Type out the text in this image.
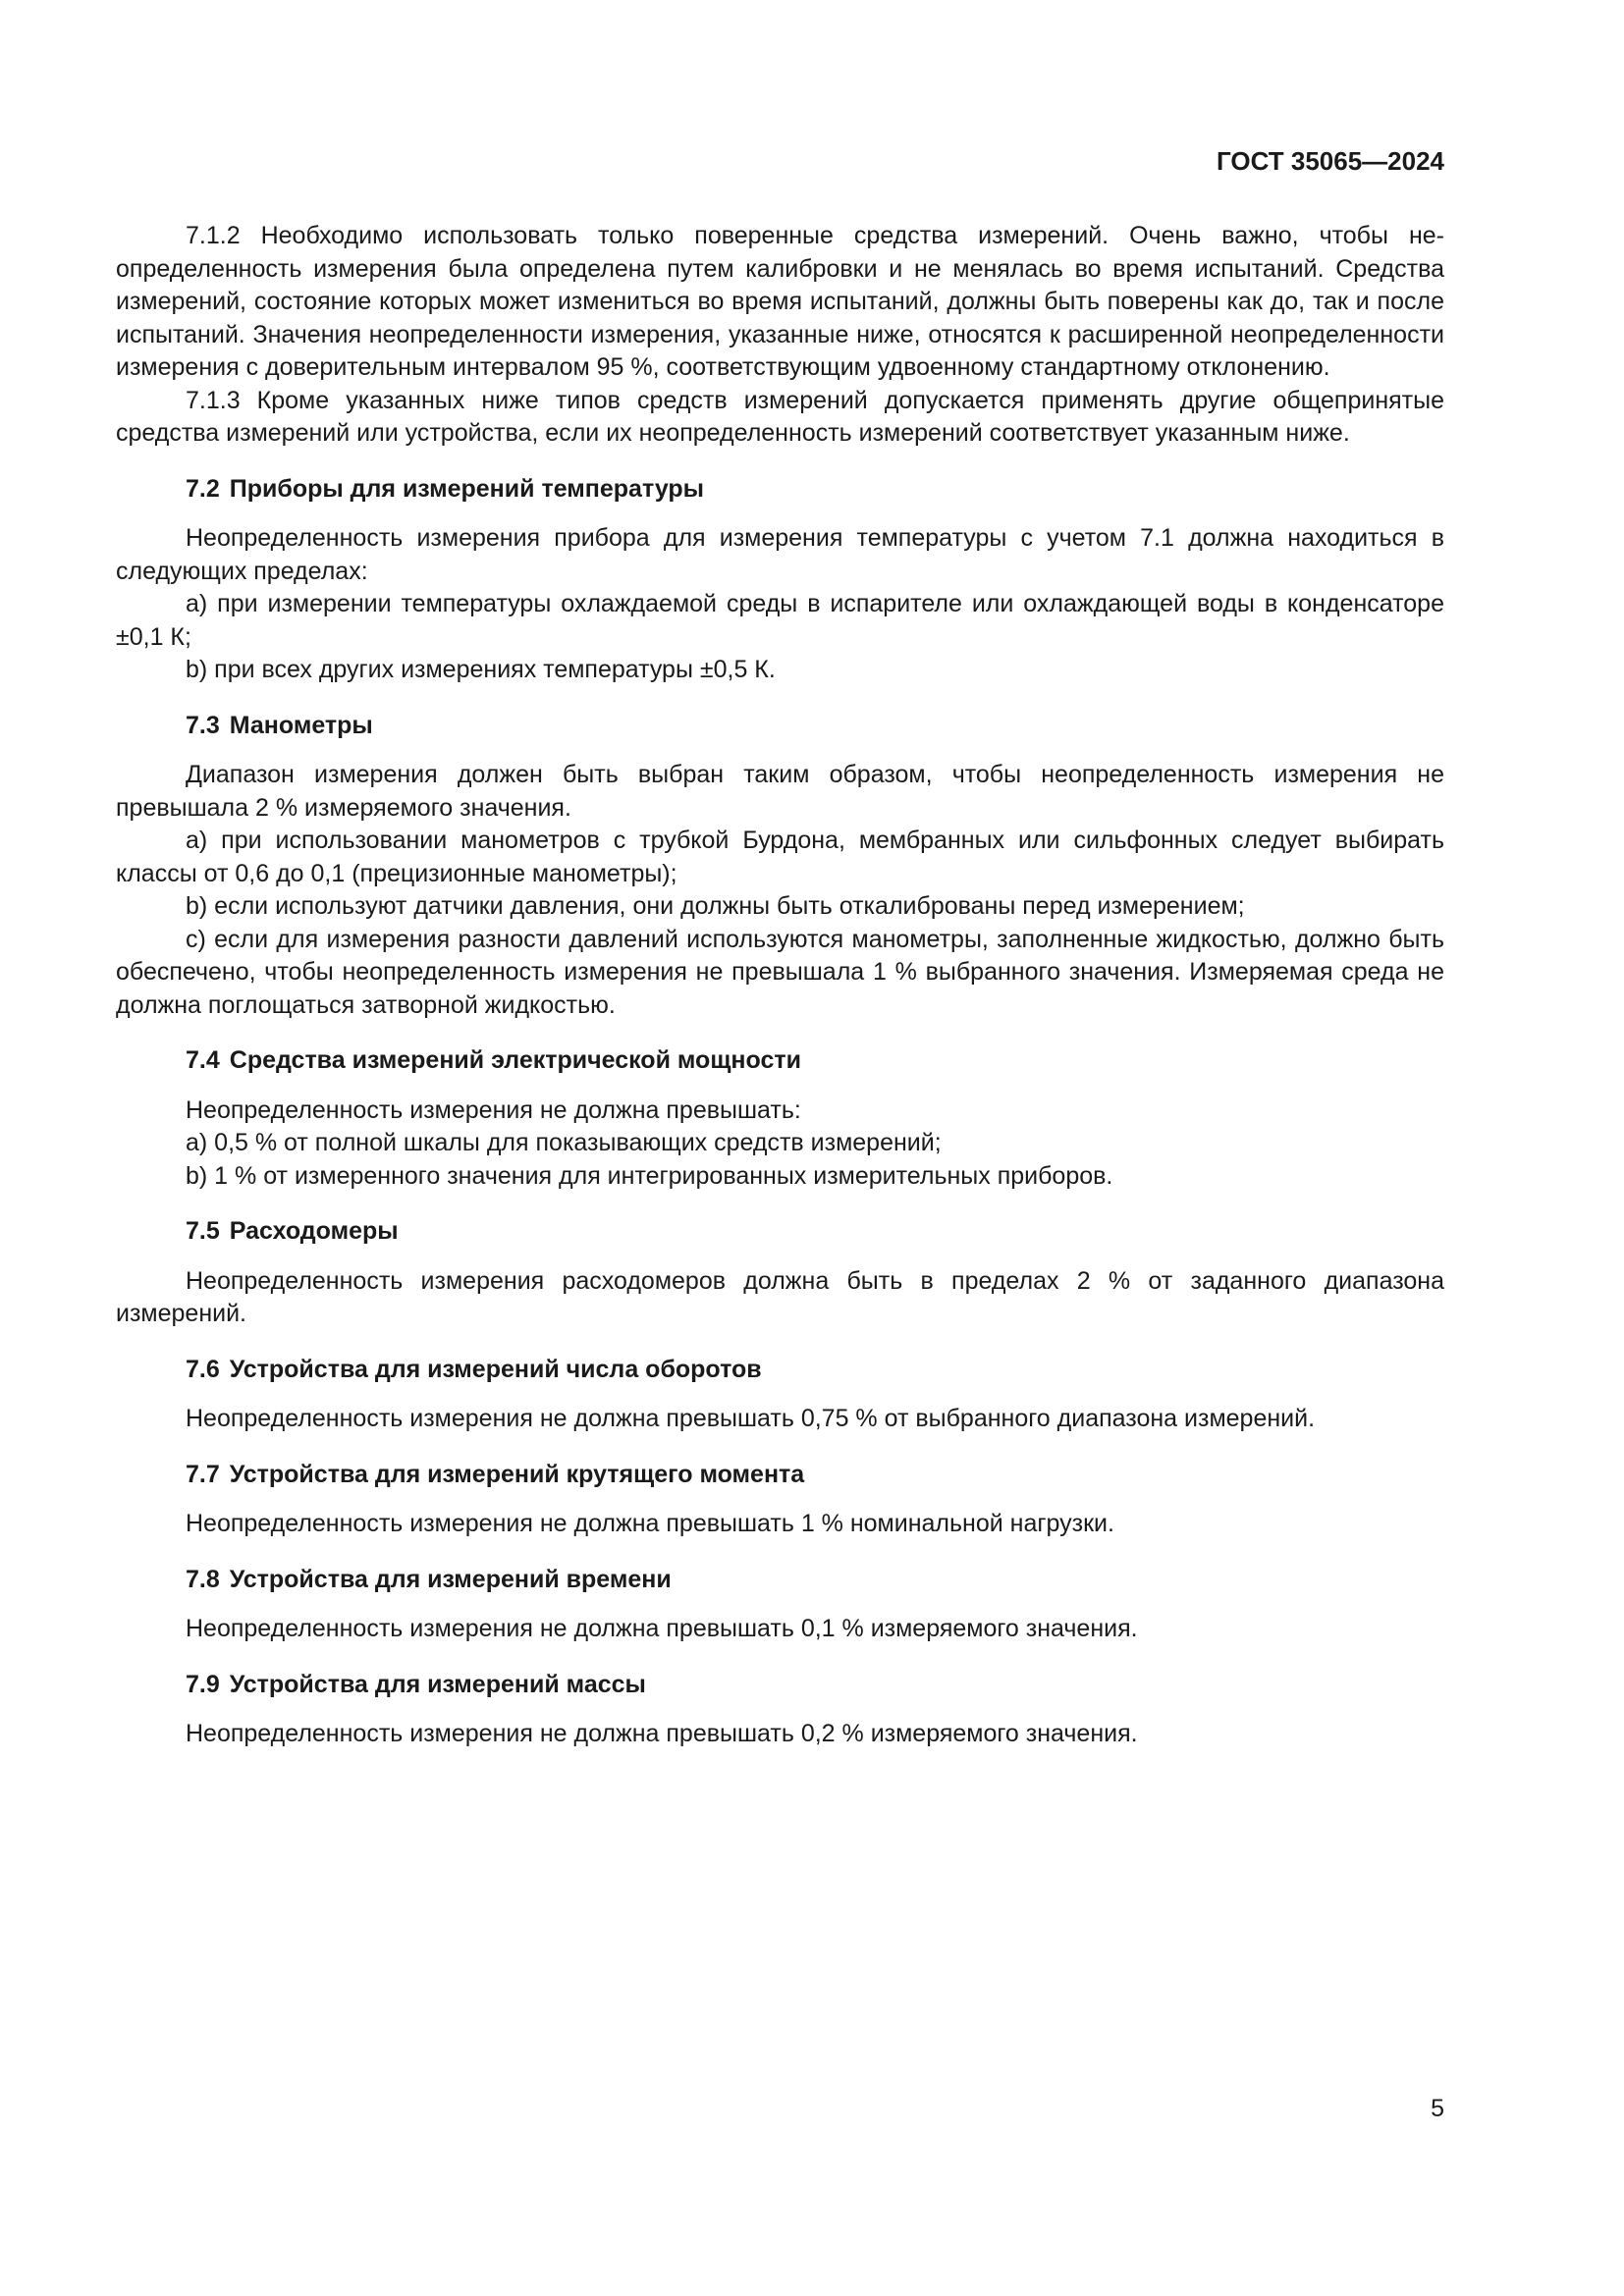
ГОСТ 35065—2024

7.1.2 Необходимо использовать только поверенные средства измерений. Очень важно, чтобы неопределенность измерения была определена путем калибровки и не менялась во время испытаний. Средства измерений, состояние которых может измениться во время испытаний, должны быть поверены как до, так и после испытаний. Значения неопределенности измерения, указанные ниже, относятся к расширенной неопределенности измерения с доверительным интервалом 95 %, соответствующим удвоенному стандартному отклонению.

7.1.3 Кроме указанных ниже типов средств измерений допускается применять другие общепринятые средства измерений или устройства, если их неопределенность измерений соответствует указанным ниже.

7.2 Приборы для измерений температуры

Неопределенность измерения прибора для измерения температуры с учетом 7.1 должна находиться в следующих пределах:

а) при измерении температуры охлаждаемой среды в испарителе или охлаждающей воды в конденсаторе ±0,1 К;

b) при всех других измерениях температуры ±0,5 К.

7.3 Манометры

Диапазон измерения должен быть выбран таким образом, чтобы неопределенность измерения не превышала 2 % измеряемого значения.

а) при использовании манометров с трубкой Бурдона, мембранных или сильфонных следует выбирать классы от 0,6 до 0,1 (прецизионные манометры);

b) если используют датчики давления, они должны быть откалиброваны перед измерением;

c) если для измерения разности давлений используются манометры, заполненные жидкостью, должно быть обеспечено, чтобы неопределенность измерения не превышала 1 % выбранного значения. Измеряемая среда не должна поглощаться затворной жидкостью.

7.4 Средства измерений электрической мощности

Неопределенность измерения не должна превышать:

а) 0,5 % от полной шкалы для показывающих средств измерений;

b) 1 % от измеренного значения для интегрированных измерительных приборов.

7.5 Расходомеры

Неопределенность измерения расходомеров должна быть в пределах 2 % от заданного диапазона измерений.

7.6 Устройства для измерений числа оборотов

Неопределенность измерения не должна превышать 0,75 % от выбранного диапазона измерений.

7.7 Устройства для измерений крутящего момента

Неопределенность измерения не должна превышать 1 % номинальной нагрузки.

7.8 Устройства для измерений времени

Неопределенность измерения не должна превышать 0,1 % измеряемого значения.

7.9 Устройства для измерений массы

Неопределенность измерения не должна превышать 0,2 % измеряемого значения.

5
